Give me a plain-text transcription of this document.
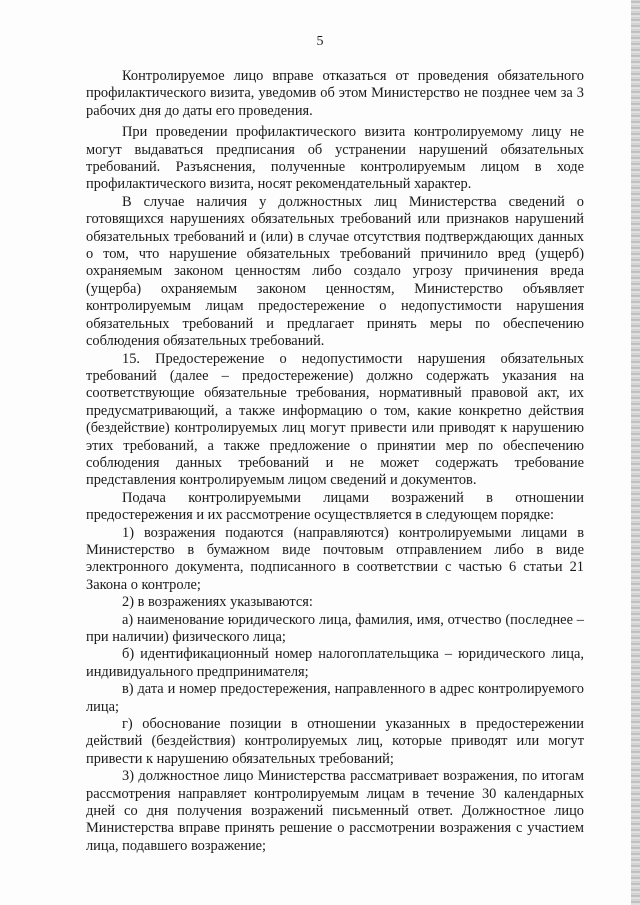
5

Контролируемое лицо вправе отказаться от проведения обязательного профилактического визита, уведомив об этом Министерство не позднее чем за 3 рабочих дня до даты его проведения.

При проведении профилактического визита контролируемому лицу не могут выдаваться предписания об устранении нарушений обязательных требований. Разъяснения, полученные контролируемым лицом в ходе профилактического визита, носят рекомендательный характер.

В случае наличия у должностных лиц Министерства сведений о готовящихся нарушениях обязательных требований или признаков нарушений обязательных требований и (или) в случае отсутствия подтверждающих данных о том, что нарушение обязательных требований причинило вред (ущерб) охраняемым законом ценностям либо создало угрозу причинения вреда (ущерба) охраняемым законом ценностям, Министерство объявляет контролируемым лицам предостережение о недопустимости нарушения обязательных требований и предлагает принять меры по обеспечению соблюдения обязательных требований.

15. Предостережение о недопустимости нарушения обязательных требований (далее – предостережение) должно содержать указания на соответствующие обязательные требования, нормативный правовой акт, их предусматривающий, а также информацию о том, какие конкретно действия (бездействие) контролируемых лиц могут привести или приводят к нарушению этих требований, а также предложение о принятии мер по обеспечению соблюдения данных требований и не может содержать требование представления контролируемым лицом сведений и документов.

Подача контролируемыми лицами возражений в отношении предостережения и их рассмотрение осуществляется в следующем порядке:

1) возражения подаются (направляются) контролируемыми лицами в Министерство в бумажном виде почтовым отправлением либо в виде электронного документа, подписанного в соответствии с частью 6 статьи 21 Закона о контроле;

2) в возражениях указываются:

а) наименование юридического лица, фамилия, имя, отчество (последнее – при наличии) физического лица;

б) идентификационный номер налогоплательщика – юридического лица, индивидуального предпринимателя;

в) дата и номер предостережения, направленного в адрес контролируемого лица;

г) обоснование позиции в отношении указанных в предостережении действий (бездействия) контролируемых лиц, которые приводят или могут привести к нарушению обязательных требований;

3) должностное лицо Министерства рассматривает возражения, по итогам рассмотрения направляет контролируемым лицам в течение 30 календарных дней со дня получения возражений письменный ответ. Должностное лицо Министерства вправе принять решение о рассмотрении возражения с участием лица, подавшего возражение;
